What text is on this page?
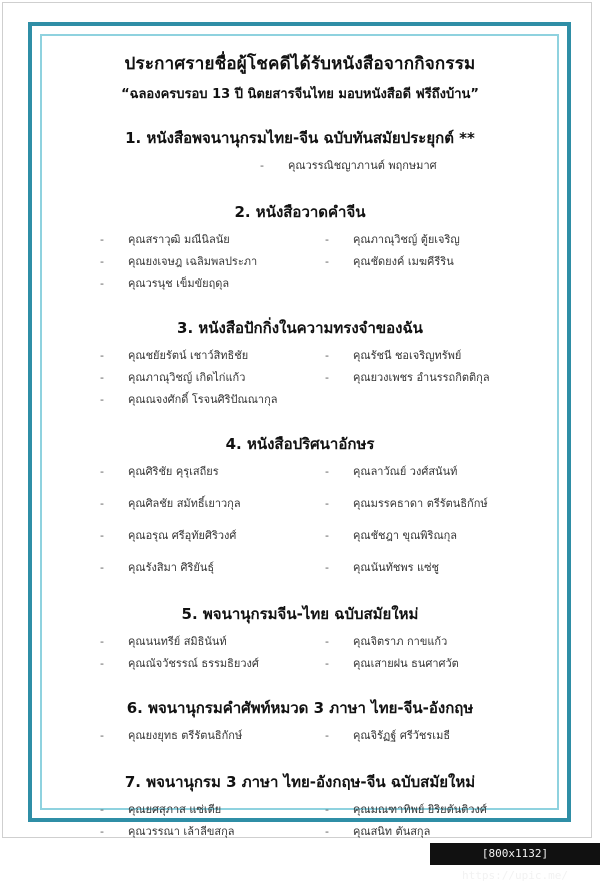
ประกาศรายชื่อผู้โชคดีได้รับหนังสือจากกิจกรรม

“ฉลองครบรอบ 13 ปี นิตยสารจีนไทย มอบหนังสือดี ฟรีถึงบ้าน”

1. หนังสือพจนานุกรมไทย-จีน ฉบับทันสมัยประยุกต์ **
- คุณวรรณิชญาภานต์ พฤกษมาศ
2. หนังสือวาดคำจีน
- คุณสราวุฒิ มณีนิลนัย	- คุณภาณุวิชญ์ ตู้ยเจริญ
- คุณยงเจษฎ เฉลิมพลประภา	- คุณชัดยงค์ เมฆคีรีริน
- คุณวรนุช เข็มขัยฤดุล
3. หนังสือปักกิ่งในความทรงจำของฉัน
- คุณชยัยรัตน์ เชาว์สิทธิชัย	- คุณรัชนี ชอเจริญทรัพย์
- คุณภาณุวิชญ์ เกิดไก่แก้ว	- คุณยวงเพชร อำนรรถกิตติกุล
- คุณณจงศักดิ์ โรจนศิริปัณณากุล
4. หนังสือปริศนาอักษร
- คุณศิริชัย คุรุเสถียร	- คุณลาวัณย์ วงศ์สนันท์
- คุณศิลชัย สมัทธิ์เยาวกุล	- คุณมรรคธาดา ตรีรัตนธิกักษ์
- คุณอรุณ ศรีอุทัยศิริวงศ์	- คุณชัชฎา ขุณพิริณกุล
- คุณรังสิมา ศิริยันธุ์	- คุณนันทัชพร แซ่ชู
5. พจนานุกรมจีน-ไทย ฉบับสมัยใหม่
- คุณนนทรีย์ สมิธินันท์	- คุณจิตราภ กาขแก้ว
- คุณณัจวัชรรณ์ ธรรมธิยวงศ์	- คุณเสายฝน ธนศาศวัต
6. พจนานุกรมคำศัพท์หมวด 3 ภาษา ไทย-จีน-อังกฤษ
- คุณยงยุทธ ตรีรัตนธิกักษ์	- คุณจิรัฏฐ์ ศรีวัชรเมธี
7. พจนานุกรม 3 ภาษา ไทย-อังกฤษ-จีน ฉบับสมัยใหม่
- คุณยศสุภาส แซ่เตีย	- คุณมณฑาทิพย์ ยิริยตันติวงศ์
- คุณวรรณา เล้าลีขสกุล	- คุณสนิท ตันสกุล
[800x1132] https://upic.me/
